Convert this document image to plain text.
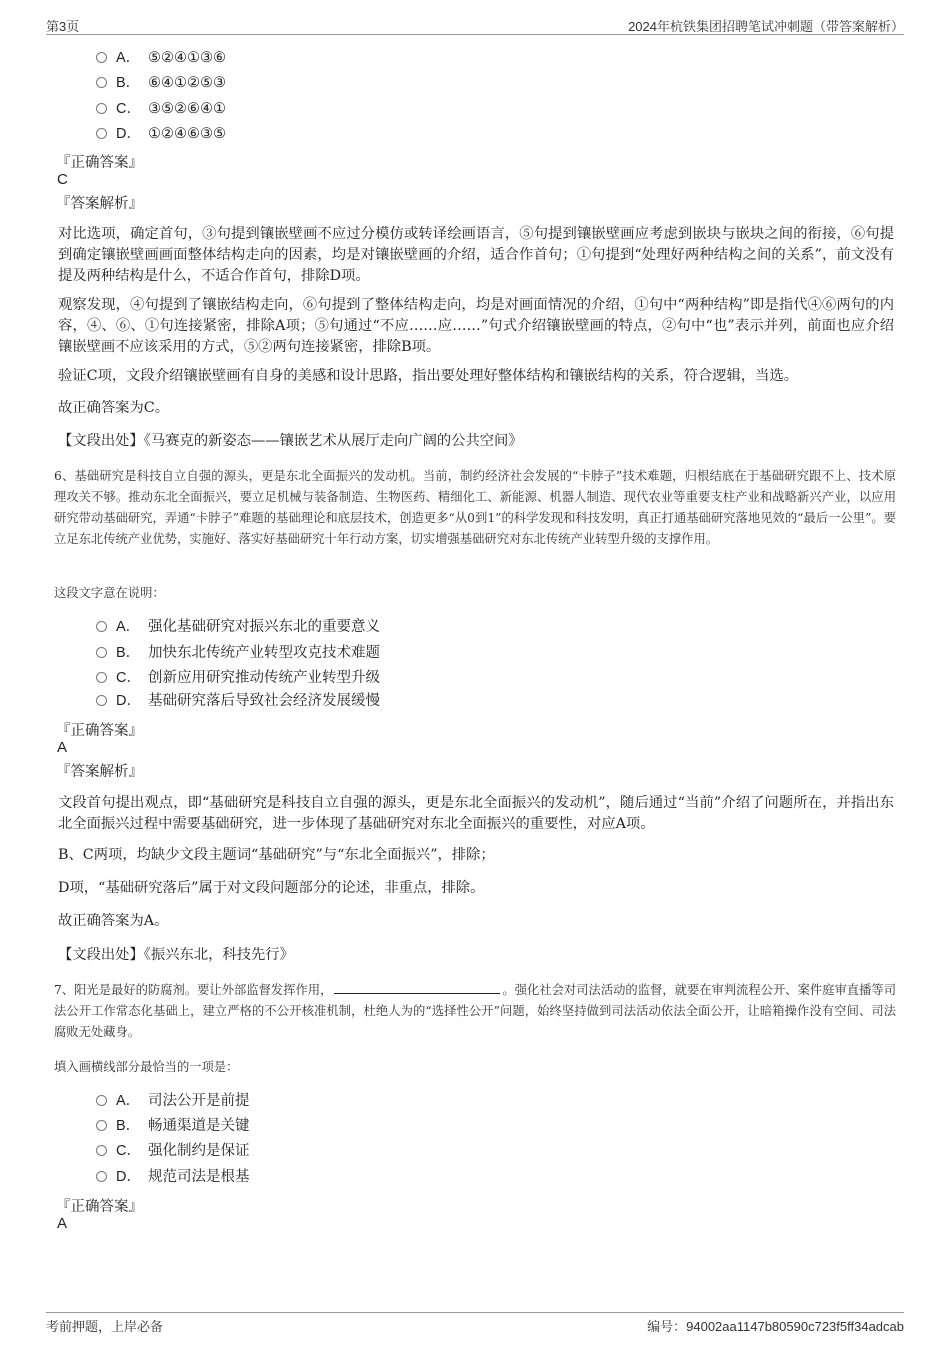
第3页	2024年杭铁集团招聘笔试冲刺题（带答案解析）
A． ⑤②④①③⑥
B． ⑥④①②⑤③
C． ③⑤②⑥④①
D． ①②④⑥③⑤
『正确答案』
C
『答案解析』
对比选项，确定首句，③句提到镶嵌壁画不应过分模仿或转译绘画语言，⑤句提到镶嵌壁画应考虑到嵌块与嵌块之间的衔接，⑥句提到确定镶嵌壁画画面整体结构走向的因素，均是对镶嵌壁画的介绍，适合作首句；①句提到“处理好两种结构之间的关系”，前文没有提及两种结构是什么，不适合作首句，排除D项。
观察发现，④句提到了镶嵌结构走向，⑥句提到了整体结构走向，均是对画面情况的介绍，①句中“两种结构”即是指代④⑥两句的内容，④、⑥、①句连接紧密，排除A项；⑤句通过“不应……应……”句式介绍镶嵌壁画的特点，②句中“也”表示并列，前面也应介绍镶嵌壁画不应该采用的方式，⑤②两句连接紧密，排除B项。
验证C项，文段介绍镶嵌壁画有自身的美感和设计思路，指出要处理好整体结构和镶嵌结构的关系，符合逻辑，当选。
故正确答案为C。
【文段出处】《马赛克的新姿态——镶嵌艺术从展厅走向广阔的公共空间》
6、基础研究是科技自立自强的源头，更是东北全面振兴的发动机。当前，制约经济社会发展的“卡脖子”技术难题，归根结底在于基础研究跟不上、技术原理攻关不够。推动东北全面振兴，要立足机械与装备制造、生物医药、精细化工、新能源、机器人制造、现代农业等重要支柱产业和战略新兴产业，以应用研究带动基础研究，弄通“卡脖子”难题的基础理论和底层技术，创造更多“从0到1”的科学发现和科技发明，真正打通基础研究落地见效的“最后一公里”。要立足东北传统产业优势，实施好、落实好基础研究十年行动方案，切实增强基础研究对东北传统产业转型升级的支撑作用。
这段文字意在说明：
A． 强化基础研究对振兴东北的重要意义
B． 加快东北传统产业转型攻克技术难题
C． 创新应用研究推动传统产业转型升级
D． 基础研究落后导致社会经济发展缓慢
『正确答案』
A
『答案解析』
文段首句提出观点，即“基础研究是科技自立自强的源头，更是东北全面振兴的发动机”，随后通过“当前”介绍了问题所在，并指出东北全面振兴过程中需要基础研究，进一步体现了基础研究对东北全面振兴的重要性，对应A项。
B、C两项，均缺少文段主题词“基础研究”与“东北全面振兴”，排除；
D项，“基础研究落后”属于对文段问题部分的论述，非重点，排除。
故正确答案为A。
【文段出处】《振兴东北，科技先行》
7、阳光是最好的防腐剂。要让外部监督发挥作用，	。强化社会对司法活动的监督，就要在审判流程公开、案件庭审直播等司法公开工作常态化基础上，建立严格的不公开核准机制，杜绝人为的“选择性公开”问题，始终坚持做到司法活动依法全面公开，让暗箱操作没有空间、司法腐败无处藏身。
填入画横线部分最恰当的一项是：
A． 司法公开是前提
B． 畅通渠道是关键
C． 强化制约是保证
D． 规范司法是根基
『正确答案』
A
考前押题，上岸必备	编号：94002aa1147b80590c723f5ff34adcab
